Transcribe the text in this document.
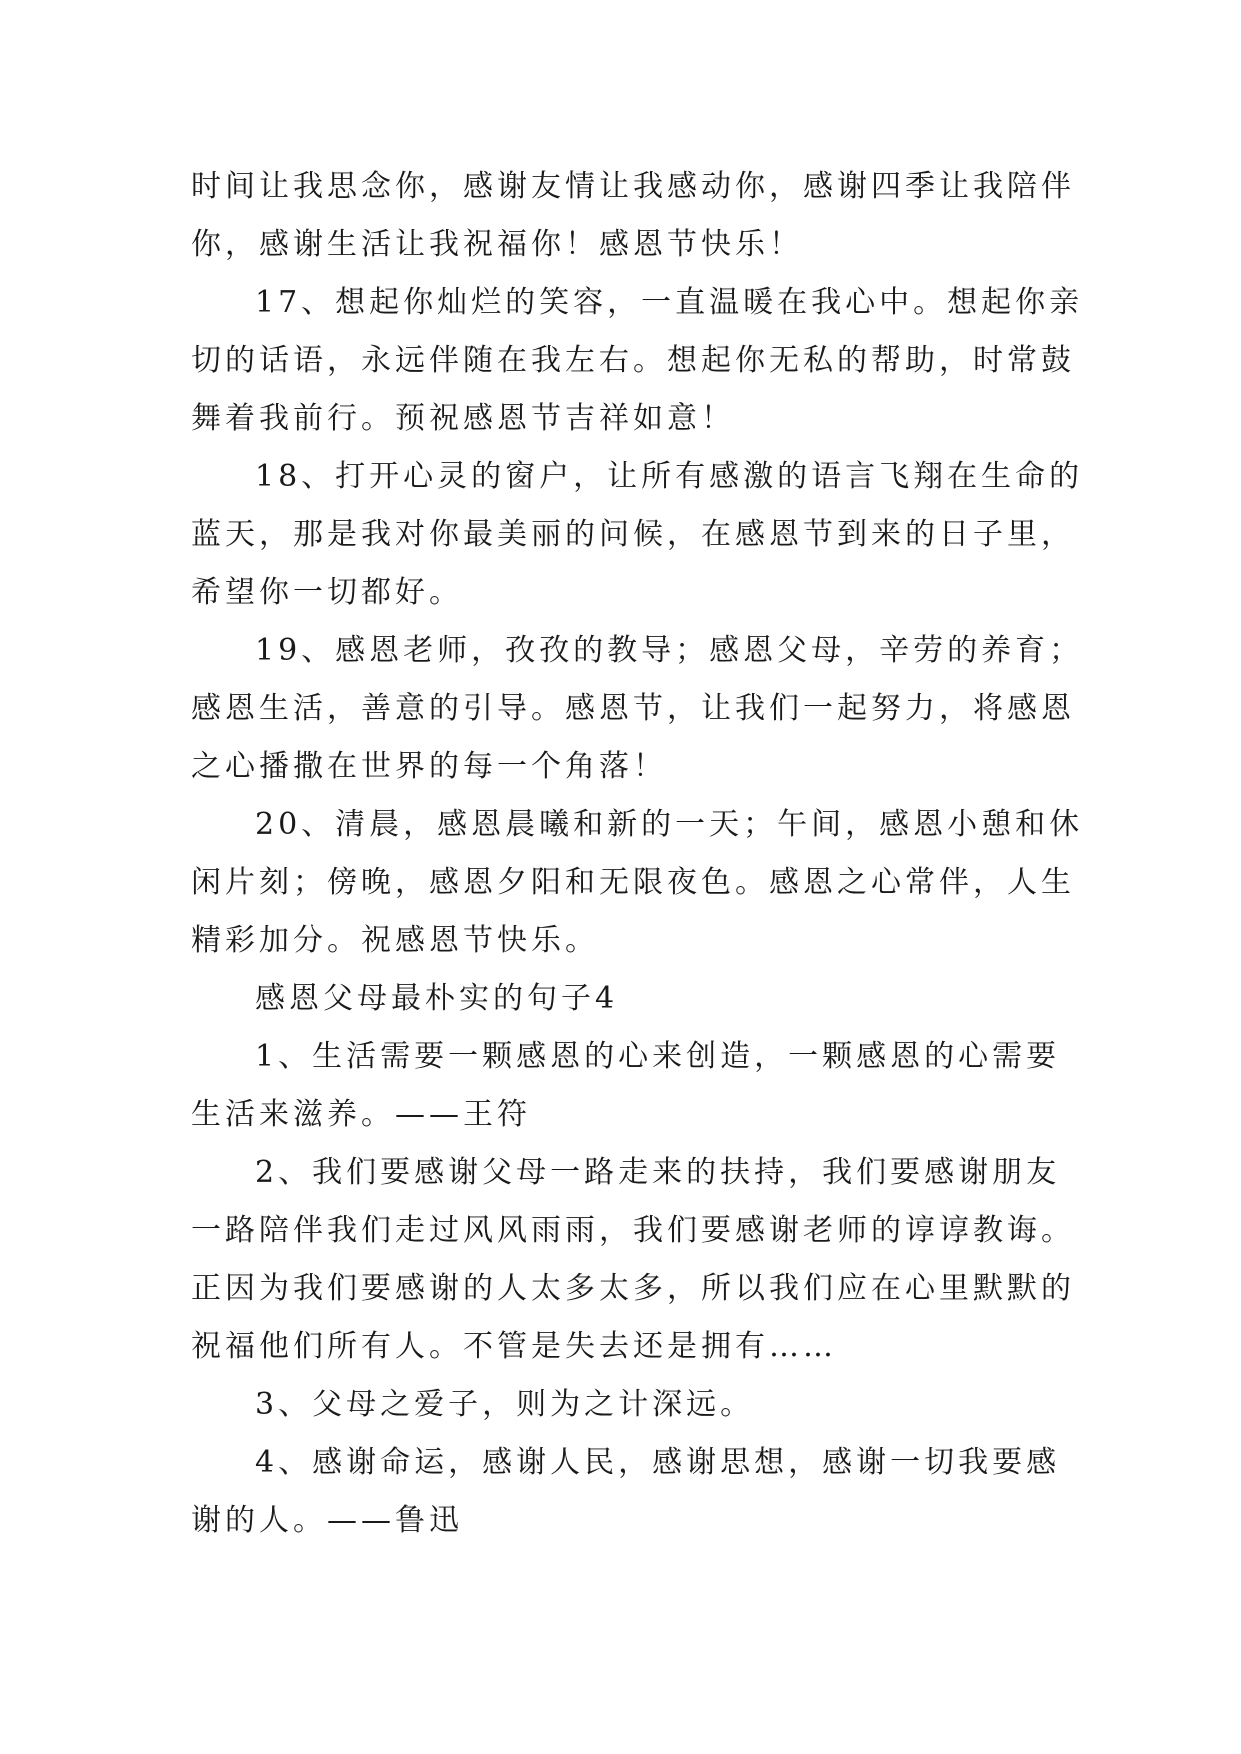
时间让我思念你，感谢友情让我感动你，感谢四季让我陪伴
你，感谢生活让我祝福你！感恩节快乐！
17、想起你灿烂的笑容，一直温暖在我心中。想起你亲
切的话语，永远伴随在我左右。想起你无私的帮助，时常鼓
舞着我前行。预祝感恩节吉祥如意！
18、打开心灵的窗户，让所有感激的语言飞翔在生命的
蓝天，那是我对你最美丽的问候，在感恩节到来的日子里，
希望你一切都好。
19、感恩老师，孜孜的教导；感恩父母，辛劳的养育；
感恩生活，善意的引导。感恩节，让我们一起努力，将感恩
之心播撒在世界的每一个角落！
20、清晨，感恩晨曦和新的一天；午间，感恩小憩和休
闲片刻；傍晚，感恩夕阳和无限夜色。感恩之心常伴，人生
精彩加分。祝感恩节快乐。
感恩父母最朴实的句子4
1、生活需要一颗感恩的心来创造，一颗感恩的心需要
生活来滋养。——王符
2、我们要感谢父母一路走来的扶持，我们要感谢朋友
一路陪伴我们走过风风雨雨，我们要感谢老师的谆谆教诲。
正因为我们要感谢的人太多太多，所以我们应在心里默默的
祝福他们所有人。不管是失去还是拥有……
3、父母之爱子，则为之计深远。
4、感谢命运，感谢人民，感谢思想，感谢一切我要感
谢的人。——鲁迅
